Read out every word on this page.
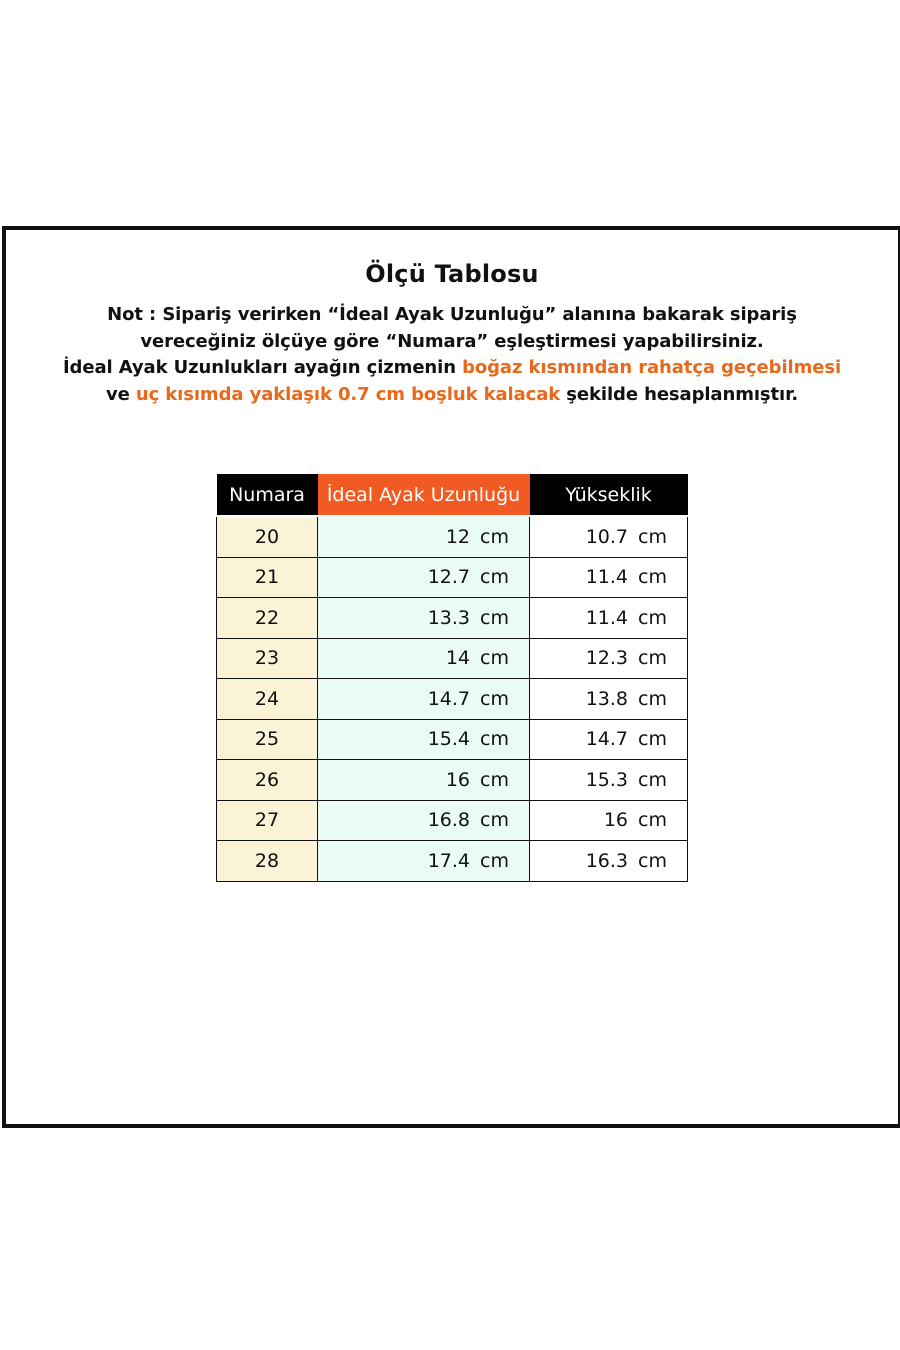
Ölçü Tablosu
Not : Sipariş verirken “İdeal Ayak Uzunluğu” alanına bakarak sipariş
vereceğiniz ölçüye göre “Numara” eşleştirmesi yapabilirsiniz.
İdeal Ayak Uzunlukları ayağın çizmenin boğaz kısmından rahatça geçebilmesi
ve uç kısımda yaklaşık 0.7 cm boşluk kalacak şekilde hesaplanmıştır.
Numara	İdeal Ayak Uzunluğu	Yükseklik
20	12 cm	10.7 cm
21	12.7 cm	11.4 cm
22	13.3 cm	11.4 cm
23	14 cm	12.3 cm
24	14.7 cm	13.8 cm
25	15.4 cm	14.7 cm
26	16 cm	15.3 cm
27	16.8 cm	16 cm
28	17.4 cm	16.3 cm
